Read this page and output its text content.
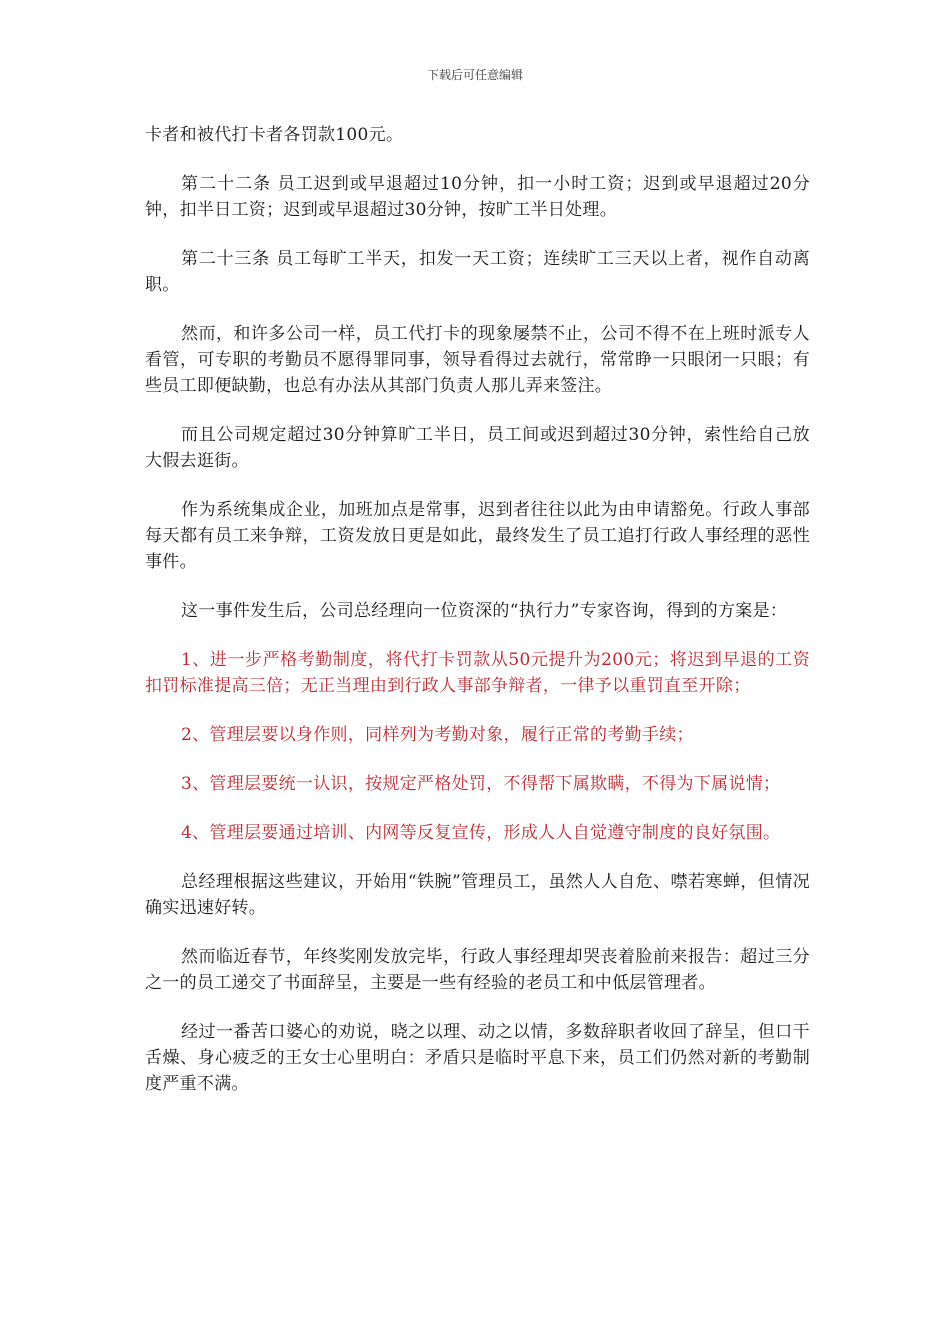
下载后可任意编辑

卡者和被代打卡者各罚款100元。

第二十二条 员工迟到或早退超过10分钟，扣一小时工资；迟到或早退超过20分钟，扣半日工资；迟到或早退超过30分钟，按旷工半日处理。

第二十三条 员工每旷工半天，扣发一天工资；连续旷工三天以上者，视作自动离职。

然而，和许多公司一样，员工代打卡的现象屡禁不止，公司不得不在上班时派专人看管，可专职的考勤员不愿得罪同事，领导看得过去就行，常常睁一只眼闭一只眼；有些员工即便缺勤，也总有办法从其部门负责人那儿弄来签注。

而且公司规定超过30分钟算旷工半日，员工间或迟到超过30分钟，索性给自己放大假去逛街。

作为系统集成企业，加班加点是常事，迟到者往往以此为由申请豁免。行政人事部每天都有员工来争辩，工资发放日更是如此，最终发生了员工追打行政人事经理的恶性事件。

这一事件发生后，公司总经理向一位资深的“执行力”专家咨询，得到的方案是：

1、进一步严格考勤制度，将代打卡罚款从50元提升为200元；将迟到早退的工资扣罚标准提高三倍；无正当理由到行政人事部争辩者，一律予以重罚直至开除；

2、管理层要以身作则，同样列为考勤对象，履行正常的考勤手续；

3、管理层要统一认识，按规定严格处罚，不得帮下属欺瞒，不得为下属说情；

4、管理层要通过培训、内网等反复宣传，形成人人自觉遵守制度的良好氛围。

总经理根据这些建议，开始用“铁腕”管理员工，虽然人人自危、噤若寒蝉，但情况确实迅速好转。

然而临近春节，年终奖刚发放完毕，行政人事经理却哭丧着脸前来报告：超过三分之一的员工递交了书面辞呈，主要是一些有经验的老员工和中低层管理者。

经过一番苦口婆心的劝说，晓之以理、动之以情，多数辞职者收回了辞呈，但口干舌燥、身心疲乏的王女士心里明白：矛盾只是临时平息下来，员工们仍然对新的考勤制度严重不满。
